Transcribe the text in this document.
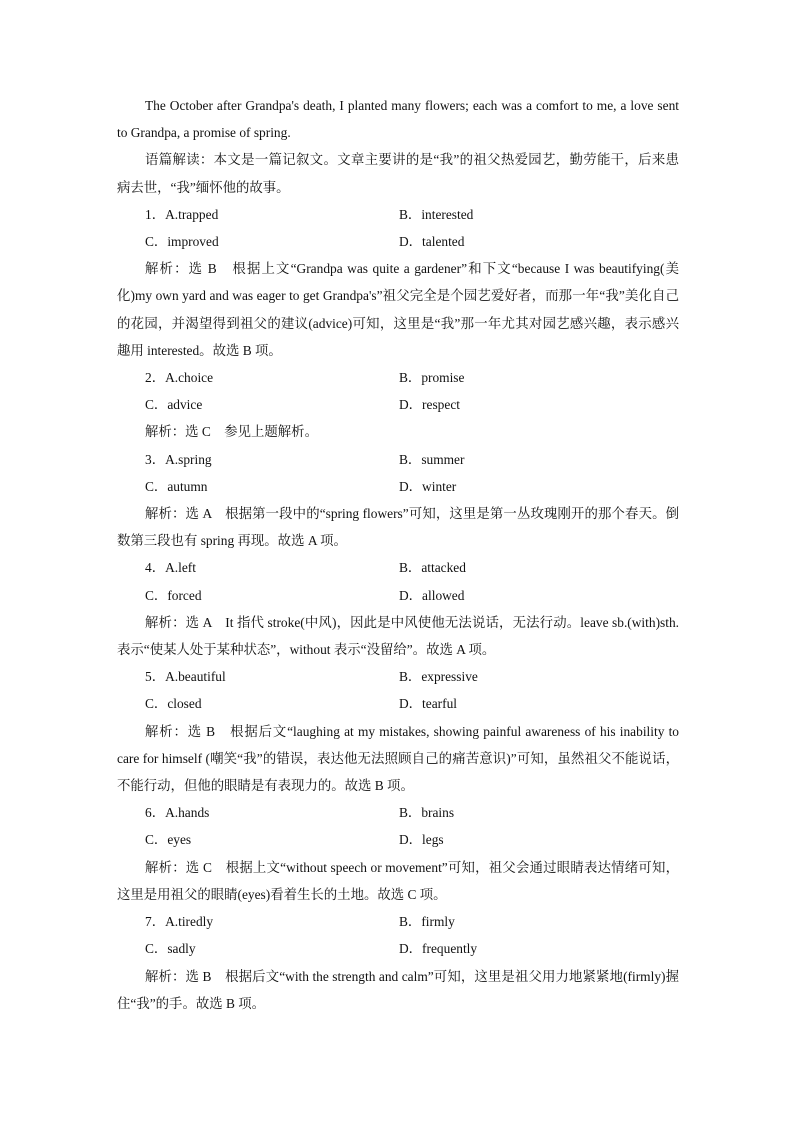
The October after Grandpa's death, I planted many flowers; each was a comfort to me, a love sent to Grandpa, a promise of spring.

语篇解读：本文是一篇记叙文。文章主要讲的是“我”的祖父热爱园艺，勤劳能干，后来患病去世，“我”缅怀他的故事。

1．A.trapped	B．interested
C．improved	D．talented

解析：选 B　根据上文“Grandpa was quite a gardener”和下文“because I was beautifying(美化)my own yard and was eager to get Grandpa's”祖父完全是个园艺爱好者，而那一年“我”美化自己的花园，并渴望得到祖父的建议(advice)可知，这里是“我”那一年尤其对园艺感兴趣，表示感兴趣用 interested。故选 B 项。

2．A.choice	B．promise
C．advice	D．respect

解析：选 C　参见上题解析。

3．A.spring	B．summer
C．autumn	D．winter

解析：选 A　根据第一段中的“spring flowers”可知，这里是第一丛玫瑰刚开的那个春天。倒数第三段也有 spring 再现。故选 A 项。

4．A.left	B．attacked
C．forced	D．allowed

解析：选 A　It 指代 stroke(中风)，因此是中风使他无法说话，无法行动。leave sb.(with)sth.表示“使某人处于某种状态”，without 表示“没留给”。故选 A 项。

5．A.beautiful	B．expressive
C．closed	D．tearful

解析：选 B　根据后文“laughing at my mistakes, showing painful awareness of his inability to care for himself (嘲笑“我”的错误，表达他无法照顾自己的痛苦意识)”可知，虽然祖父不能说话，不能行动，但他的眼睛是有表现力的。故选 B 项。

6．A.hands	B．brains
C．eyes	D．legs

解析：选 C　根据上文“without speech or movement”可知，祖父会通过眼睛表达情绪可知，这里是用祖父的眼睛(eyes)看着生长的土地。故选 C 项。

7．A.tiredly	B．firmly
C．sadly	D．frequently

解析：选 B　根据后文“with the strength and calm”可知，这里是祖父用力地紧紧地(firmly)握住“我”的手。故选 B 项。
